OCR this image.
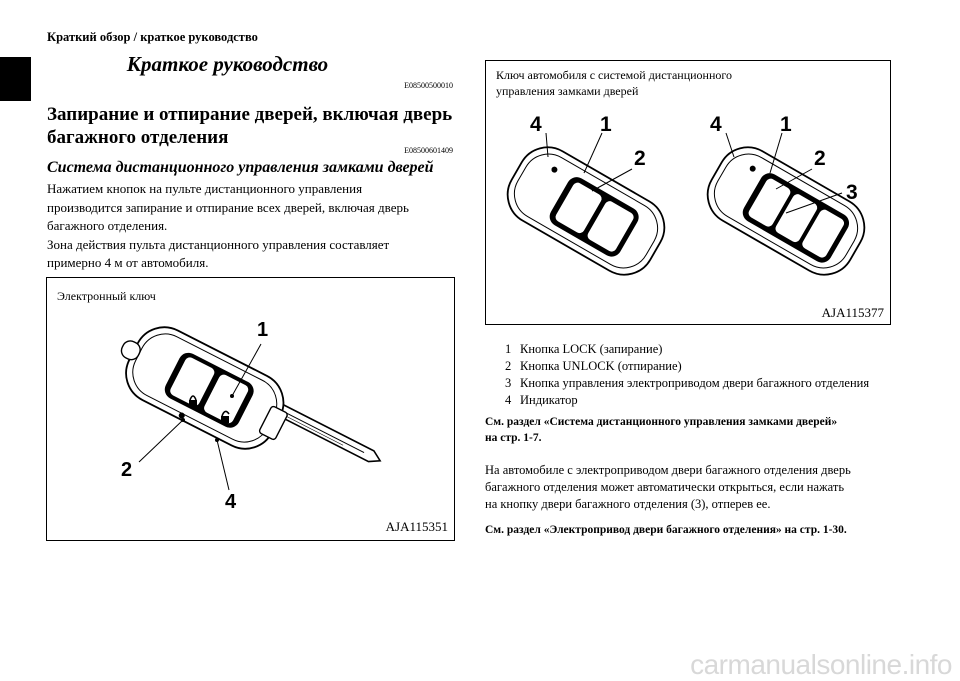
Краткий обзор / краткое руководство
Краткое руководство
E08500500010
Запирание и отпирание дверей, включая дверь
багажного отделения
E08500601409
Система дистанционного управления замками дверей
Нажатием кнопок на пульте дистанционного управления
производится запирание и отпирание всех дверей, включая дверь
багажного отделения.
Зона действия пульта дистанционного управления составляет
примерно 4 м от автомобиля.
Электронный ключ
1
2
4
AJA115351
Ключ автомобиля с системой дистанционного
управления замками дверей
4	1
2
4	1
2
3
AJA115377
1 Кнопка LOCK (запирание)
2 Кнопка UNLOCK (отпирание)
3 Кнопка управления электроприводом двери багажного отделения
4 Индикатор
См. раздел «Система дистанционного управления замками дверей»
на стр. 1-7.
На автомобиле с электроприводом двери багажного отделения дверь
багажного отделения может автоматически открыться, если нажать
на кнопку двери багажного отделения (3), отперев ее.
См. раздел «Электропривод двери багажного отделения» на стр. 1-30.
carmanualsonline.info
